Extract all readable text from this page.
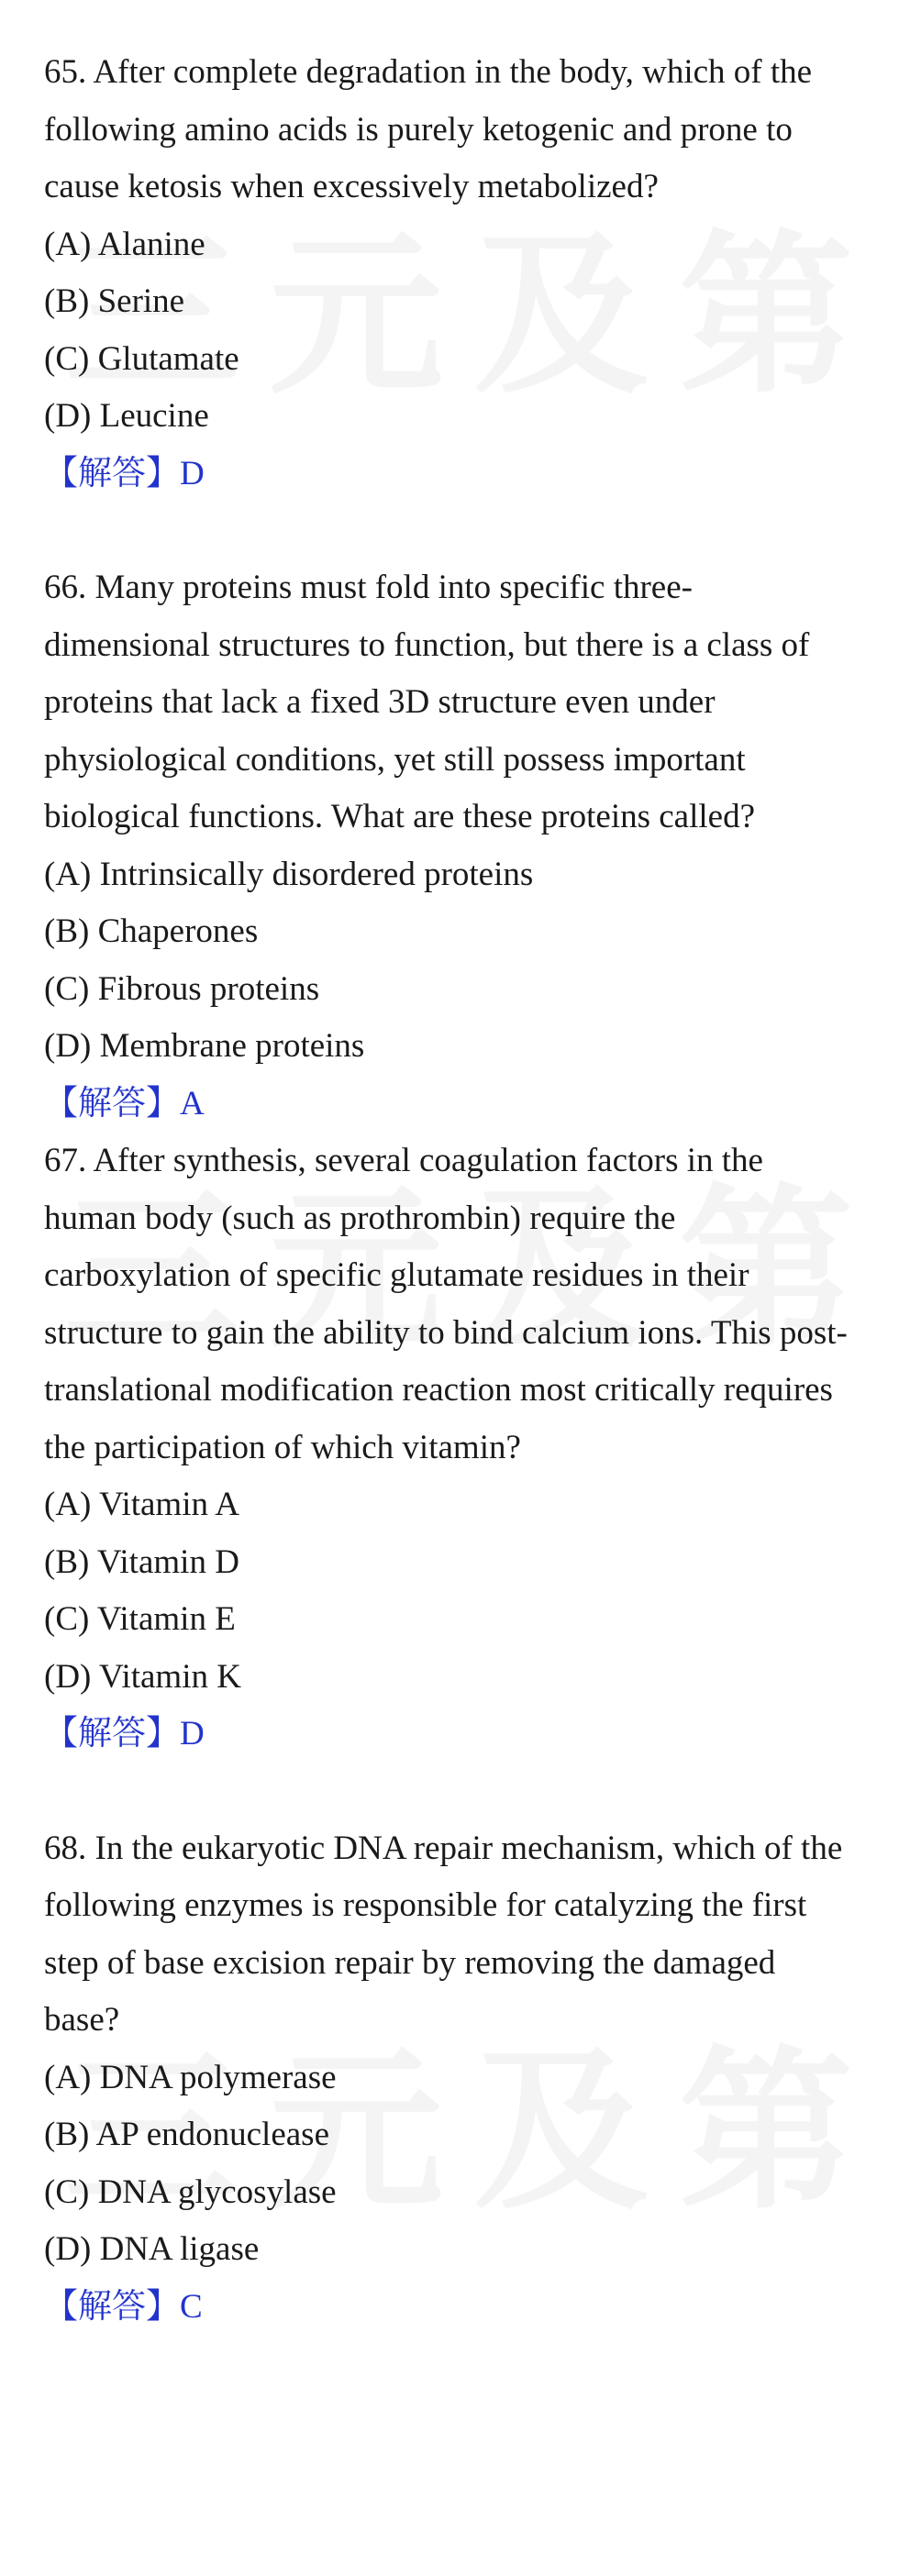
65. After complete degradation in the body, which of the following amino acids is purely ketogenic and prone to cause ketosis when excessively metabolized?

(A) Alanine

(B) Serine

(C) Glutamate

(D) Leucine

【解答】D

66. Many proteins must fold into specific three-dimensional structures to function, but there is a class of proteins that lack a fixed 3D structure even under physiological conditions, yet still possess important biological functions. What are these proteins called?

(A) Intrinsically disordered proteins

(B) Chaperones

(C) Fibrous proteins

(D) Membrane proteins

【解答】A

67. After synthesis, several coagulation factors in the human body (such as prothrombin) require the carboxylation of specific glutamate residues in their structure to gain the ability to bind calcium ions. This post-translational modification reaction most critically requires the participation of which vitamin?

(A) Vitamin A

(B) Vitamin D

(C) Vitamin E

(D) Vitamin K

【解答】D

68. In the eukaryotic DNA repair mechanism, which of the following enzymes is responsible for catalyzing the first step of base excision repair by removing the damaged base?

(A) DNA polymerase

(B) AP endonuclease

(C) DNA glycosylase

(D) DNA ligase

【解答】C
